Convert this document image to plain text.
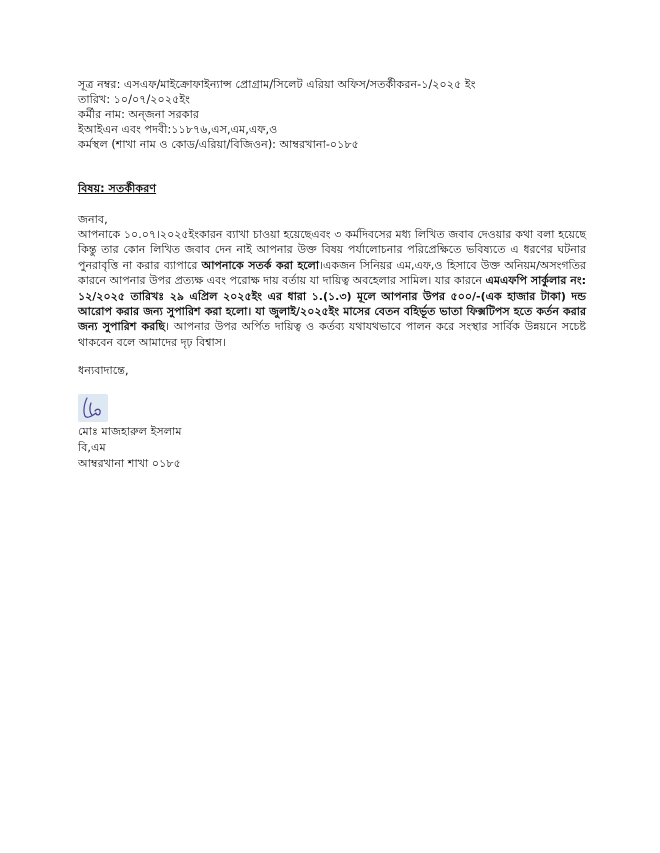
সূত্র নম্বর: এসএফ/মাইক্রোফাইন্যান্স প্রোগ্রাম/সিলেট এরিয়া অফিস/সতর্কীকরন-১/২০২৫ ইং
তারিখ: ১০/০৭/২০২৫ইং
কর্মীর নাম: অন্জনা সরকার
ইআইএন এবং পদবী:১১৮৭৬,এস,এম,এফ,ও
কর্মস্থল (শাখা নাম ও কোড/এরিয়া/বিজিওন): আম্বরখানা-০১৮৫
বিষয়: সতর্কীকরণ
জনাব,
আপনাকে ১০.০৭।২০২৫ইংকারন ব্যাখা চাওয়া হয়েছেএবং ৩ কর্মদিবসের মধ্য লিখিত জবাব দেওয়ার কথা বলা হয়েছে কিন্তু তার কোন লিখিত জবাব দেন নাই আপনার উক্ত বিষয় পর্যালোচনার পরিপ্রেক্ষিতে ভবিষ্যতে এ ধরণের ঘটনার পুনরাবৃত্তি না করার ব্যাপারে আপনাকে সতর্ক করা হলো।একজন সিনিয়র এম,এফ,ও হিসাবে উক্ত অনিয়ম/অসংগতির কারনে আপনার উপর প্রত্যক্ষ এবং পরোক্ষ দায় বর্তায় যা দায়িত্ব অবহেলার সামিল। যার কারনে এমএফপি সার্কুলার নং: ১২/২০২৫ তারিখঃ ২৯ এপ্রিল ২০২৫ইং এর ধারা ১.(১.৩) মূলে আপনার উপর ৫০০/-(এক হাজার টাকা) দন্ড আরোপ করার জন্য সুপারিশ করা হলো। যা জুলাই/২০২৫ইং মাসের বেতন বহির্ভূত ভাতা ফিক্সটিপস হতে কর্তন করার জন্য সুপারিশ করছি। আপনার উপর অর্পিত দায়িত্ব ও কর্তব্য যথাযথভাবে পালন করে সংস্থার সার্বিক উন্নয়নে সচেষ্ট থাকবেন বলে আমাদের দৃঢ় বিশ্বাস।
ধন্যবাদান্তে,
মোঃ মাজহারুল ইসলাম
বি,এম
আম্বরখানা শাখা ০১৮৫
